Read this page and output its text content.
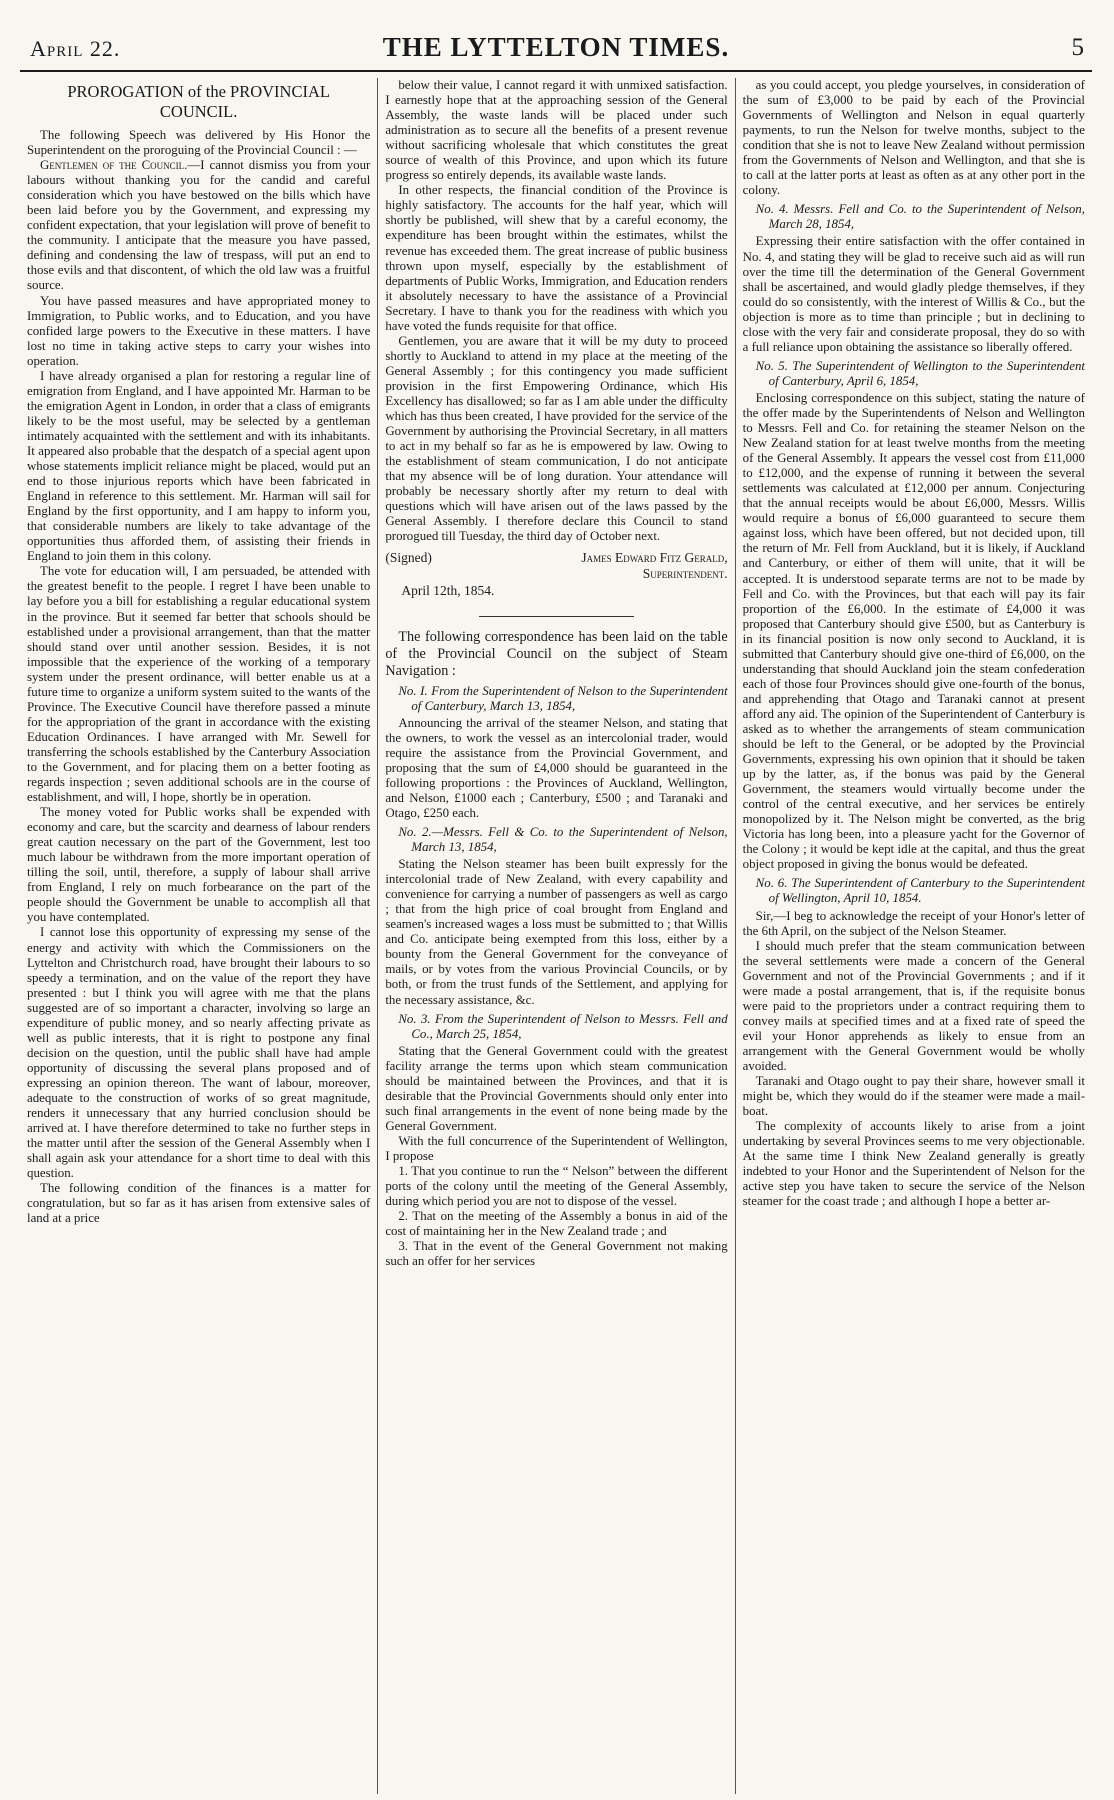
April 22.	THE LYTTELTON TIMES.	5

PROROGATION of the PROVINCIAL COUNCIL.

The following Speech was delivered by His Honor the Superintendent on the proroguing of the Provincial Council : —

Gentlemen of the Council.—I cannot dismiss you from your labours without thanking you for the candid and careful consideration which you have bestowed on the bills which have been laid before you by the Government, and expressing my confident expectation, that your legislation will prove of benefit to the community. I anticipate that the measure you have passed, defining and condensing the law of trespass, will put an end to those evils and that discontent, of which the old law was a fruitful source.

You have passed measures and have appropriated money to Immigration, to Public works, and to Education, and you have confided large powers to the Executive in these matters. I have lost no time in taking active steps to carry your wishes into operation.

I have already organised a plan for restoring a regular line of emigration from England, and I have appointed Mr. Harman to be the emigration Agent in London, in order that a class of emigrants likely to be the most useful, may be selected by a gentleman intimately acquainted with the settlement and with its inhabitants. It appeared also probable that the despatch of a special agent upon whose statements implicit reliance might be placed, would put an end to those injurious reports which have been fabricated in England in reference to this settlement. Mr. Harman will sail for England by the first opportunity, and I am happy to inform you, that considerable numbers are likely to take advantage of the opportunities thus afforded them, of assisting their friends in England to join them in this colony.

The vote for education will, I am persuaded, be attended with the greatest benefit to the people. I regret I have been unable to lay before you a bill for establishing a regular educational system in the province. But it seemed far better that schools should be established under a provisional arrangement, than that the matter should stand over until another session. Besides, it is not impossible that the experience of the working of a temporary system under the present ordinance, will better enable us at a future time to organize a uniform system suited to the wants of the Province. The Executive Council have therefore passed a minute for the appropriation of the grant in accordance with the existing Education Ordinances. I have arranged with Mr. Sewell for transferring the schools established by the Canterbury Association to the Government, and for placing them on a better footing as regards inspection ; seven additional schools are in the course of establishment, and will, I hope, shortly be in operation.

The money voted for Public works shall be expended with economy and care, but the scarcity and dearness of labour renders great caution necessary on the part of the Government, lest too much labour be withdrawn from the more important operation of tilling the soil, until, therefore, a supply of labour shall arrive from England, I rely on much forbearance on the part of the people should the Government be unable to accomplish all that you have contemplated.

I cannot lose this opportunity of expressing my sense of the energy and activity with which the Commissioners on the Lyttelton and Christchurch road, have brought their labours to so speedy a termination, and on the value of the report they have presented : but I think you will agree with me that the plans suggested are of so important a character, involving so large an expenditure of public money, and so nearly affecting private as well as public interests, that it is right to postpone any final decision on the question, until the public shall have had ample opportunity of discussing the several plans proposed and of expressing an opinion thereon. The want of labour, moreover, adequate to the construction of works of so great magnitude, renders it unnecessary that any hurried conclusion should be arrived at. I have therefore determined to take no further steps in the matter until after the session of the General Assembly when I shall again ask your attendance for a short time to deal with this question.

The following condition of the finances is a matter for congratulation, but so far as it has arisen from extensive sales of land at a price

below their value, I cannot regard it with unmixed satisfaction. I earnestly hope that at the approaching session of the General Assembly, the waste lands will be placed under such administration as to secure all the benefits of a present revenue without sacrificing wholesale that which constitutes the great source of wealth of this Province, and upon which its future progress so entirely depends, its available waste lands.

In other respects, the financial condition of the Province is highly satisfactory. The accounts for the half year, which will shortly be published, will shew that by a careful economy, the expenditure has been brought within the estimates, whilst the revenue has exceeded them. The great increase of public business thrown upon myself, especially by the establishment of departments of Public Works, Immigration, and Education renders it absolutely necessary to have the assistance of a Provincial Secretary. I have to thank you for the readiness with which you have voted the funds requisite for that office.

Gentlemen, you are aware that it will be my duty to proceed shortly to Auckland to attend in my place at the meeting of the General Assembly ; for this contingency you made sufficient provision in the first Empowering Ordinance, which His Excellency has disallowed; so far as I am able under the difficulty which has thus been created, I have provided for the service of the Government by authorising the Provincial Secretary, in all matters to act in my behalf so far as he is empowered by law. Owing to the establishment of steam communication, I do not anticipate that my absence will be of long duration. Your attendance will probably be necessary shortly after my return to deal with questions which will have arisen out of the laws passed by the General Assembly. I therefore declare this Council to stand prorogued till Tuesday, the third day of October next.

(Signed)	James Edward Fitz Gerald,
Superintendent.

April 12th, 1854.

The following correspondence has been laid on the table of the Provincial Council on the subject of Steam Navigation :

No. I. From the Superintendent of Nelson to the Superintendent of Canterbury, March 13, 1854,

Announcing the arrival of the steamer Nelson, and stating that the owners, to work the vessel as an intercolonial trader, would require the assistance from the Provincial Government, and proposing that the sum of £4,000 should be guaranteed in the following proportions : the Provinces of Auckland, Wellington, and Nelson, £1000 each ; Canterbury, £500 ; and Taranaki and Otago, £250 each.

No. 2.—Messrs. Fell & Co. to the Superintendent of Nelson, March 13, 1854,

Stating the Nelson steamer has been built expressly for the intercolonial trade of New Zealand, with every capability and convenience for carrying a number of passengers as well as cargo ; that from the high price of coal brought from England and seamen's increased wages a loss must be submitted to ; that Willis and Co. anticipate being exempted from this loss, either by a bounty from the General Government for the conveyance of mails, or by votes from the various Provincial Councils, or by both, or from the trust funds of the Settlement, and applying for the necessary assistance, &c.

No. 3. From the Superintendent of Nelson to Messrs. Fell and Co., March 25, 1854,

Stating that the General Government could with the greatest facility arrange the terms upon which steam communication should be maintained between the Provinces, and that it is desirable that the Provincial Governments should only enter into such final arrangements in the event of none being made by the General Government.

With the full concurrence of the Superintendent of Wellington, I propose

1. That you continue to run the “ Nelson” between the different ports of the colony until the meeting of the General Assembly, during which period you are not to dispose of the vessel.

2. That on the meeting of the Assembly a bonus in aid of the cost of maintaining her in the New Zealand trade ; and

3. That in the event of the General Government not making such an offer for her services

as you could accept, you pledge yourselves, in consideration of the sum of £3,000 to be paid by each of the Provincial Governments of Wellington and Nelson in equal quarterly payments, to run the Nelson for twelve months, subject to the condition that she is not to leave New Zealand without permission from the Governments of Nelson and Wellington, and that she is to call at the latter ports at least as often as at any other port in the colony.

No. 4. Messrs. Fell and Co. to the Superintendent of Nelson, March 28, 1854,

Expressing their entire satisfaction with the offer contained in No. 4, and stating they will be glad to receive such aid as will run over the time till the determination of the General Government shall be ascertained, and would gladly pledge themselves, if they could do so consistently, with the interest of Willis & Co., but the objection is more as to time than principle ; but in declining to close with the very fair and considerate proposal, they do so with a full reliance upon obtaining the assistance so liberally offered.

No. 5. The Superintendent of Wellington to the Superintendent of Canterbury, April 6, 1854,

Enclosing correspondence on this subject, stating the nature of the offer made by the Superintendents of Nelson and Wellington to Messrs. Fell and Co. for retaining the steamer Nelson on the New Zealand station for at least twelve months from the meeting of the General Assembly. It appears the vessel cost from £11,000 to £12,000, and the expense of running it between the several settlements was calculated at £12,000 per annum. Conjecturing that the annual receipts would be about £6,000, Messrs. Willis would require a bonus of £6,000 guaranteed to secure them against loss, which have been offered, but not decided upon, till the return of Mr. Fell from Auckland, but it is likely, if Auckland and Canterbury, or either of them will unite, that it will be accepted. It is understood separate terms are not to be made by Fell and Co. with the Provinces, but that each will pay its fair proportion of the £6,000. In the estimate of £4,000 it was proposed that Canterbury should give £500, but as Canterbury is in its financial position is now only second to Auckland, it is submitted that Canterbury should give one-third of £6,000, on the understanding that should Auckland join the steam confederation each of those four Provinces should give one-fourth of the bonus, and apprehending that Otago and Taranaki cannot at present afford any aid. The opinion of the Superintendent of Canterbury is asked as to whether the arrangements of steam communication should be left to the General, or be adopted by the Provincial Governments, expressing his own opinion that it should be taken up by the latter, as, if the bonus was paid by the General Government, the steamers would virtually become under the control of the central executive, and her services be entirely monopolized by it. The Nelson might be converted, as the brig Victoria has long been, into a pleasure yacht for the Governor of the Colony ; it would be kept idle at the capital, and thus the great object proposed in giving the bonus would be defeated.

No. 6. The Superintendent of Canterbury to the Superintendent of Wellington, April 10, 1854.

Sir,—I beg to acknowledge the receipt of your Honor's letter of the 6th April, on the subject of the Nelson Steamer.

I should much prefer that the steam communication between the several settlements were made a concern of the General Government and not of the Provincial Governments ; and if it were made a postal arrangement, that is, if the requisite bonus were paid to the proprietors under a contract requiring them to convey mails at specified times and at a fixed rate of speed the evil your Honor apprehends as likely to ensue from an arrangement with the General Government would be wholly avoided.

Taranaki and Otago ought to pay their share, however small it might be, which they would do if the steamer were made a mail-boat.

The complexity of accounts likely to arise from a joint undertaking by several Provinces seems to me very objectionable. At the same time I think New Zealand generally is greatly indebted to your Honor and the Superintendent of Nelson for the active step you have taken to secure the service of the Nelson steamer for the coast trade ; and although I hope a better ar-
